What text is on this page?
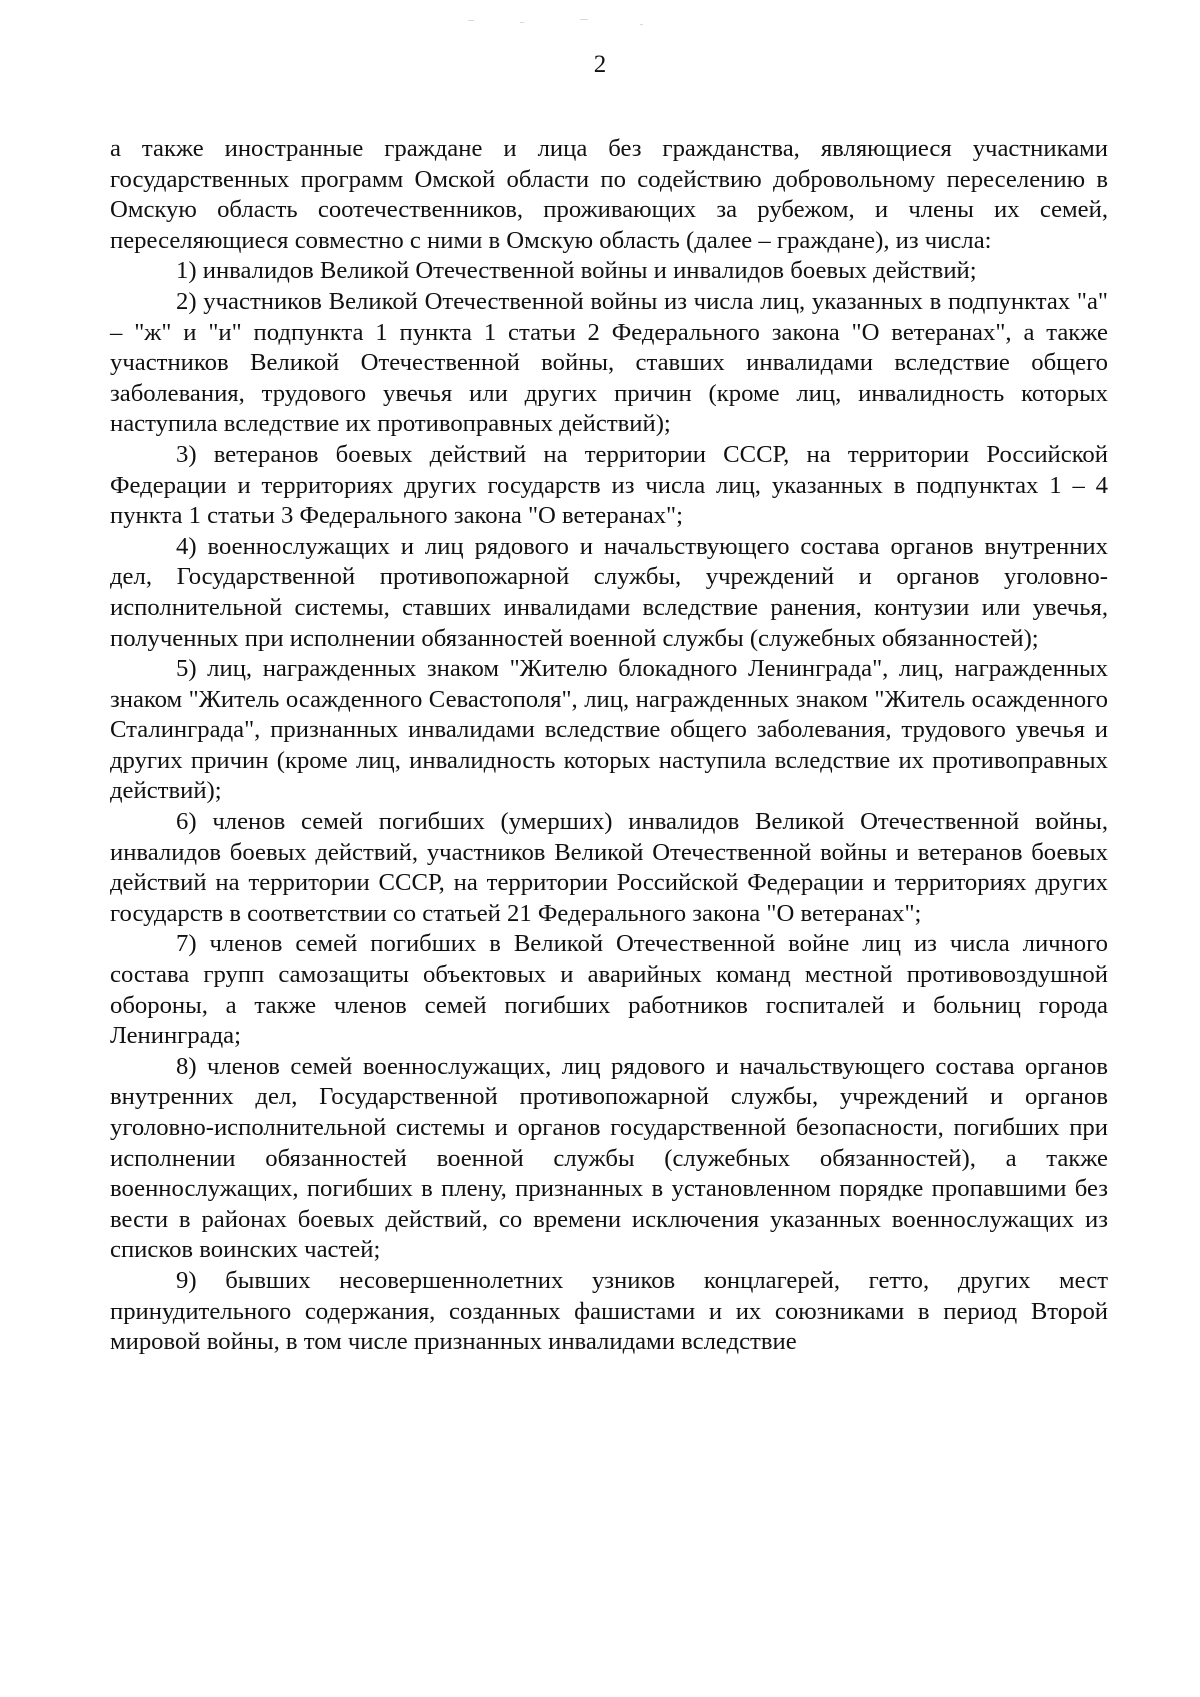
2

а также иностранные граждане и лица без гражданства, являющиеся участниками государственных программ Омской области по содействию добровольному переселению в Омскую область соотечественников, проживающих за рубежом, и члены их семей, переселяющиеся совместно с ними в Омскую область (далее – граждане), из числа:

1) инвалидов Великой Отечественной войны и инвалидов боевых действий;

2) участников Великой Отечественной войны из числа лиц, указанных в подпунктах "а" – "ж" и "и" подпункта 1 пункта 1 статьи 2 Федерального закона "О ветеранах", а также участников Великой Отечественной войны, ставших инвалидами вследствие общего заболевания, трудового увечья или других причин (кроме лиц, инвалидность которых наступила вследствие их противоправных действий);

3) ветеранов боевых действий на территории СССР, на территории Российской Федерации и территориях других государств из числа лиц, указанных в подпунктах 1 – 4 пункта 1 статьи 3 Федерального закона "О ветеранах";

4) военнослужащих и лиц рядового и начальствующего состава органов внутренних дел, Государственной противопожарной службы, учреждений и органов уголовно-исполнительной системы, ставших инвалидами вследствие ранения, контузии или увечья, полученных при исполнении обязанностей военной службы (служебных обязанностей);

5) лиц, награжденных знаком "Жителю блокадного Ленинграда", лиц, награжденных знаком "Житель осажденного Севастополя", лиц, награжденных знаком "Житель осажденного Сталинграда", признанных инвалидами вследствие общего заболевания, трудового увечья и других причин (кроме лиц, инвалидность которых наступила вследствие их противоправных действий);

6) членов семей погибших (умерших) инвалидов Великой Отечественной войны, инвалидов боевых действий, участников Великой Отечественной войны и ветеранов боевых действий на территории СССР, на территории Российской Федерации и территориях других государств в соответствии со статьей 21 Федерального закона "О ветеранах";

7) членов семей погибших в Великой Отечественной войне лиц из числа личного состава групп самозащиты объектовых и аварийных команд местной противовоздушной обороны, а также членов семей погибших работников госпиталей и больниц города Ленинграда;

8) членов семей военнослужащих, лиц рядового и начальствующего состава органов внутренних дел, Государственной противопожарной службы, учреждений и органов уголовно-исполнительной системы и органов государственной безопасности, погибших при исполнении обязанностей военной службы (служебных обязанностей), а также военнослужащих, погибших в плену, признанных в установленном порядке пропавшими без вести в районах боевых действий, со времени исключения указанных военнослужащих из списков воинских частей;

9) бывших несовершеннолетних узников концлагерей, гетто, других мест принудительного содержания, созданных фашистами и их союзниками в период Второй мировой войны, в том числе признанных инвалидами вследствие
